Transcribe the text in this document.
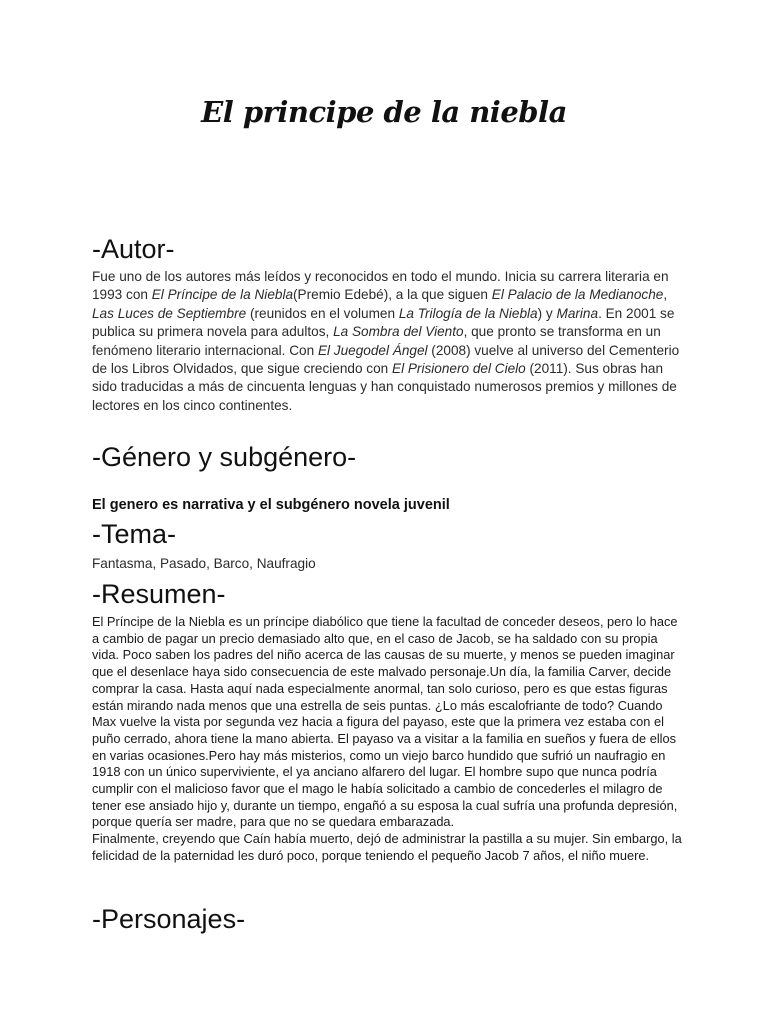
El principe de la niebla
-Autor-

Fue uno de los autores más leídos y reconocidos en todo el mundo. Inicia su carrera literaria en 1993 con El Príncipe de la Niebla(Premio Edebé), a la que siguen El Palacio de la Medianoche, Las Luces de Septiembre (reunidos en el volumen La Trilogía de la Niebla) y Marina. En 2001 se publica su primera novela para adultos, La Sombra del Viento, que pronto se transforma en un fenómeno literario internacional. Con El Juegodel Ángel (2008) vuelve al universo del Cementerio de los Libros Olvidados, que sigue creciendo con El Prisionero del Cielo (2011). Sus obras han sido traducidas a más de cincuenta lenguas y han conquistado numerosos premios y millones de lectores en los cinco continentes.

-Género y subgénero-

El genero es narrativa y el subgénero novela juvenil

-Tema-

Fantasma, Pasado, Barco, Naufragio

-Resumen-

El Príncipe de la Niebla es un príncipe diabólico que tiene la facultad de conceder deseos, pero lo hace a cambio de pagar un precio demasiado alto que, en el caso de Jacob, se ha saldado con su propia vida. Poco saben los padres del niño acerca de las causas de su muerte, y menos se pueden imaginar que el desenlace haya sido consecuencia de este malvado personaje.Un día, la familia Carver, decide comprar la casa. Hasta aquí nada especialmente anormal, tan solo curioso, pero es que estas figuras están mirando nada menos que una estrella de seis puntas. ¿Lo más escalofriante de todo? Cuando Max vuelve la vista por segunda vez hacia a figura del payaso, este que la primera vez estaba con el puño cerrado, ahora tiene la mano abierta. El payaso va a visitar a la familia en sueños y fuera de ellos en varias ocasiones.Pero hay más misterios, como un viejo barco hundido que sufrió un naufragio en 1918 con un único superviviente, el ya anciano alfarero del lugar. El hombre supo que nunca podría cumplir con el malicioso favor que el mago le había solicitado a cambio de concederles el milagro de tener ese ansiado hijo y, durante un tiempo, engañó a su esposa la cual sufría una profunda depresión, porque quería ser madre, para que no se quedara embarazada.

Finalmente, creyendo que Caín había muerto, dejó de administrar la pastilla a su mujer. Sin embargo, la felicidad de la paternidad les duró poco, porque teniendo el pequeño Jacob 7 años, el niño muere.

-Personajes-
